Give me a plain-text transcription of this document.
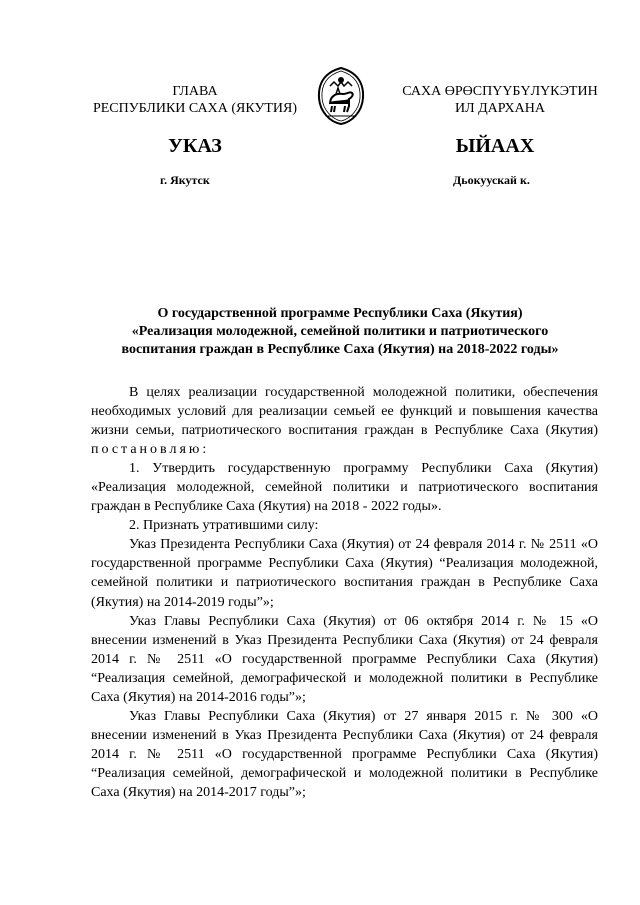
ГЛАВА
РЕСПУБЛИКИ САХА (ЯКУТИЯ)
САХА ӨРӨСПҮҮБҮЛҮКЭТИН
ИЛ ДАРХАНА
УКАЗ	ЫЙААХ
г. Якутск	Дьокуускай к.
О государственной программе Республики Саха (Якутия)
«Реализация молодежной, семейной политики и патриотического
воспитания граждан в Республике Саха (Якутия) на 2018-2022 годы»

В целях реализации государственной молодежной политики, обеспечения необходимых условий для реализации семьей ее функций и повышения качества жизни семьи, патриотического воспитания граждан в Республике Саха (Якутия) постановляю:

1. Утвердить государственную программу Республики Саха (Якутия) «Реализация молодежной, семейной политики и патриотического воспитания граждан в Республике Саха (Якутия) на 2018 - 2022 годы».

2. Признать утратившими силу:

Указ Президента Республики Саха (Якутия) от 24 февраля 2014 г. № 2511 «О государственной программе Республики Саха (Якутия) “Реализация молодежной, семейной политики и патриотического воспитания граждан в Республике Саха (Якутия) на 2014-2019 годы”»;

Указ Главы Республики Саха (Якутия) от 06 октября 2014 г. № 15 «О внесении изменений в Указ Президента Республики Саха (Якутия) от 24 февраля 2014 г. № 2511 «О государственной программе Республики Саха (Якутия) “Реализация семейной, демографической и молодежной политики в Республике Саха (Якутия) на 2014-2016 годы”»;

Указ Главы Республики Саха (Якутия) от 27 января 2015 г. № 300 «О внесении изменений в Указ Президента Республики Саха (Якутия) от 24 февраля 2014 г. № 2511 «О государственной программе Республики Саха (Якутия) “Реализация семейной, демографической и молодежной политики в Республике Саха (Якутия) на 2014-2017 годы”»;
